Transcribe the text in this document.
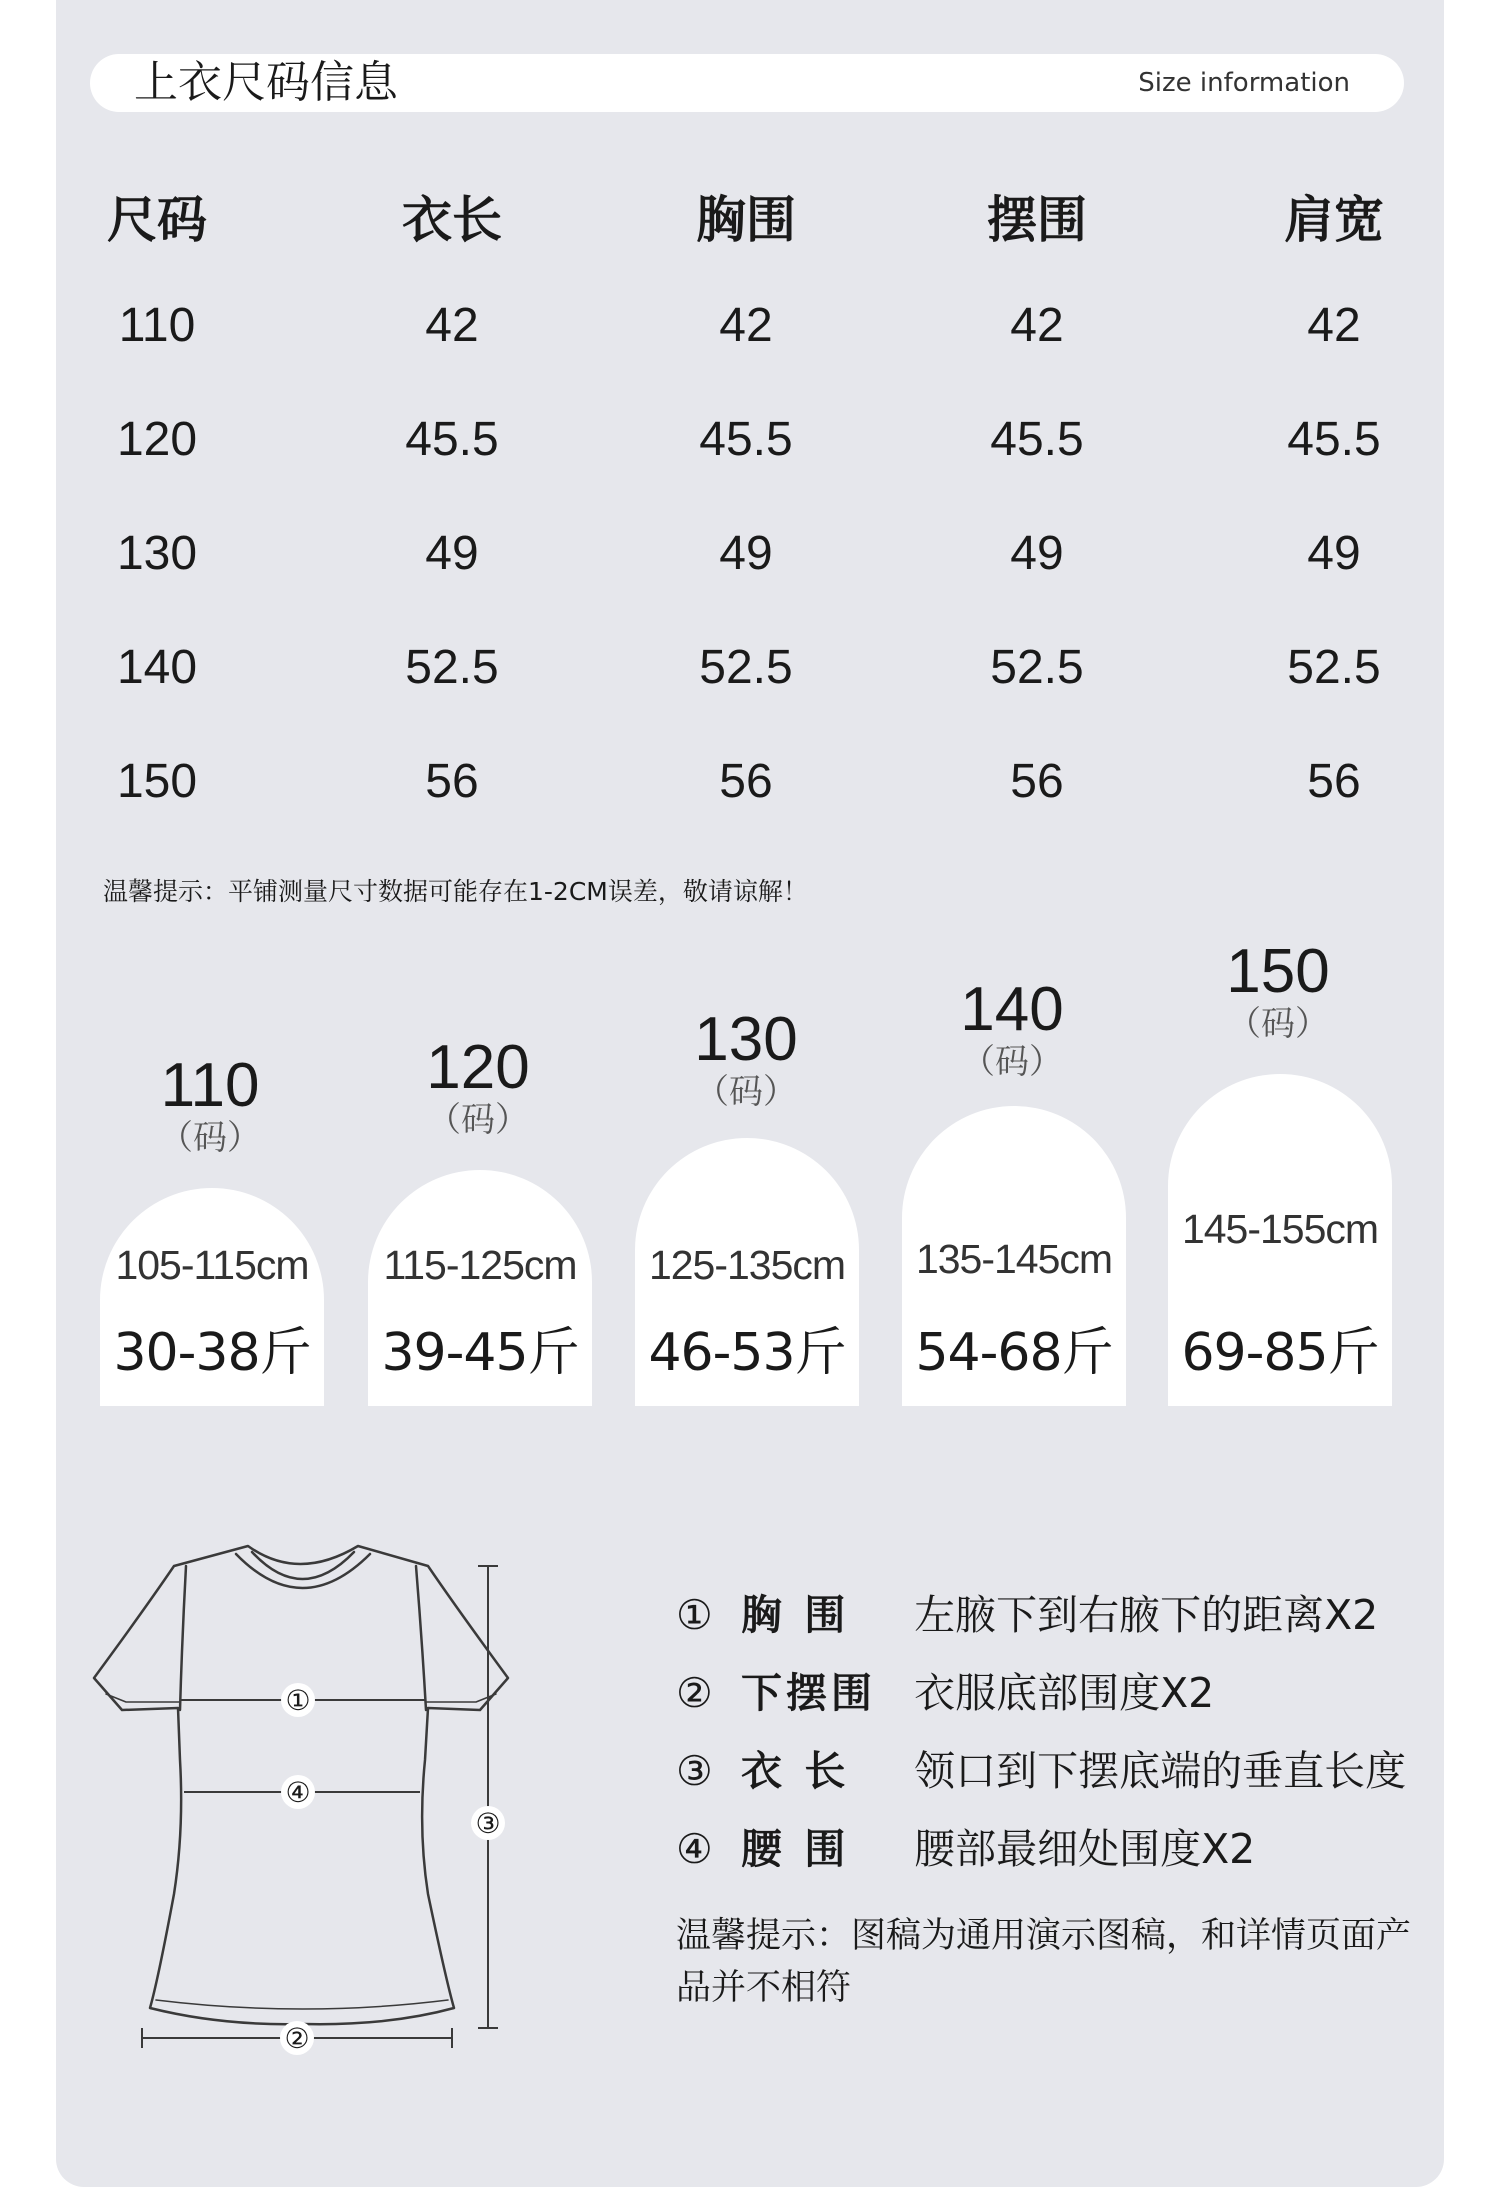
上衣尺码信息	Size information
尺码	衣长	胸围	摆围	肩宽
110	42	42	42	42
120	45.5	45.5	45.5	45.5
130	49	49	49	49
140	52.5	52.5	52.5	52.5
150	56	56	56	56
温馨提示：平铺测量尺寸数据可能存在1-2CM误差，敬请谅解！
110
（码）
105-115cm
30-38斤
120
（码）
115-125cm
39-45斤
130
（码）
125-135cm
46-53斤
140
（码）
135-145cm
54-68斤
150
（码）
145-155cm
69-85斤
①
④
③
②
① 胸 围 左腋下到右腋下的距离X2
② 下摆围 衣服底部围度X2
③ 衣 长 领口到下摆底端的垂直长度
④ 腰 围 腰部最细处围度X2
温馨提示：图稿为通用演示图稿，和详情页面产品并不相符
